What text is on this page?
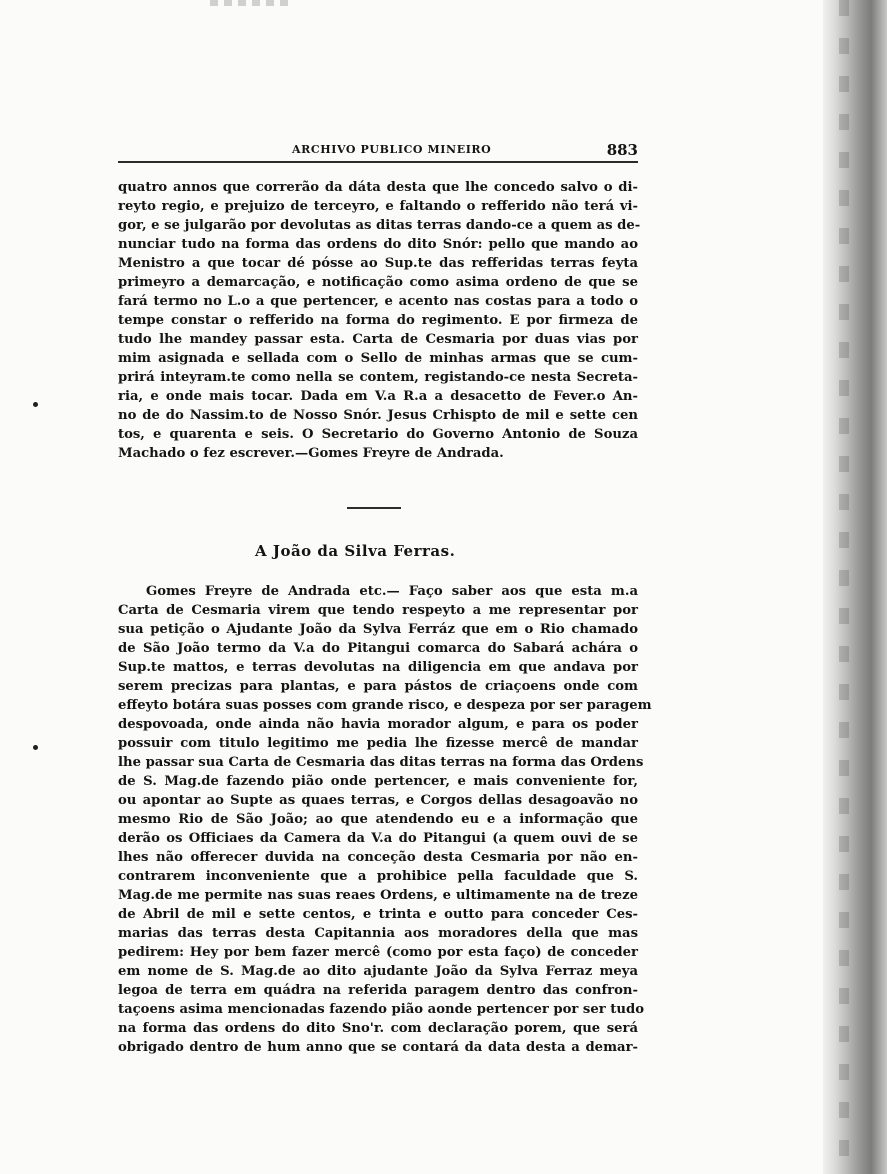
ARCHIVO PUBLICO MINEIRO	883
quatro annos que correrão da dáta desta que lhe concedo salvo o di-
reyto regio, e prejuizo de terceyro, e faltando o refferido não terá vi-
gor, e se julgarão por devolutas as ditas terras dando-ce a quem as de-
nunciar tudo na forma das ordens do dito Snór: pello que mando ao
Menistro a que tocar dé pósse ao Sup.te das refferidas terras feyta
primeyro a demarcação, e notificação como asima ordeno de que se
fará termo no L.o a que pertencer, e acento nas costas para a todo o
tempe constar o refferido na forma do regimento. E por firmeza de
tudo lhe mandey passar esta. Carta de Cesmaria por duas vias por
mim asignada e sellada com o Sello de minhas armas que se cum-
prirá inteyram.te como nella se contem, registando-ce nesta Secreta-
ria, e onde mais tocar. Dada em V.a R.a a desacetto de Fever.o An-
no de do Nassim.to de Nosso Snór. Jesus Crhispto de mil e sette cen
tos, e quarenta e seis. O Secretario do Governo Antonio de Souza
Machado o fez escrever.—Gomes Freyre de Andrada.
A João da Silva Ferras.
Gomes Freyre de Andrada etc.— Faço saber aos que esta m.a
Carta de Cesmaria virem que tendo respeyto a me representar por
sua petição o Ajudante João da Sylva Ferráz que em o Rio chamado
de São João termo da V.a do Pitangui comarca do Sabará achára o
Sup.te mattos, e terras devolutas na diligencia em que andava por
serem precizas para plantas, e para pástos de criaçoens onde com
effeyto botára suas posses com grande risco, e despeza por ser paragem
despovoada, onde ainda não havia morador algum, e para os poder
possuir com titulo legitimo me pedia lhe fizesse mercê de mandar
lhe passar sua Carta de Cesmaria das ditas terras na forma das Ordens
de S. Mag.de fazendo pião onde pertencer, e mais conveniente for,
ou apontar ao Supte as quaes terras, e Corgos dellas desagoavão no
mesmo Rio de São João; ao que atendendo eu e a informação que
derão os Officiaes da Camera da V.a do Pitangui (a quem ouvi de se
lhes não offerecer duvida na conceção desta Cesmaria por não en-
contrarem inconveniente que a prohibice pella faculdade que S.
Mag.de me permite nas suas reaes Ordens, e ultimamente na de treze
de Abril de mil e sette centos, e trinta e outto para conceder Ces-
marias das terras desta Capitannia aos moradores della que mas
pedirem: Hey por bem fazer mercê (como por esta faço) de conceder
em nome de S. Mag.de ao dito ajudante João da Sylva Ferraz meya
legoa de terra em quádra na referida paragem dentro das confron-
taçoens asima mencionadas fazendo pião aonde pertencer por ser tudo
na forma das ordens do dito Sno'r. com declaração porem, que será
obrigado dentro de hum anno que se contará da data desta a demar-
